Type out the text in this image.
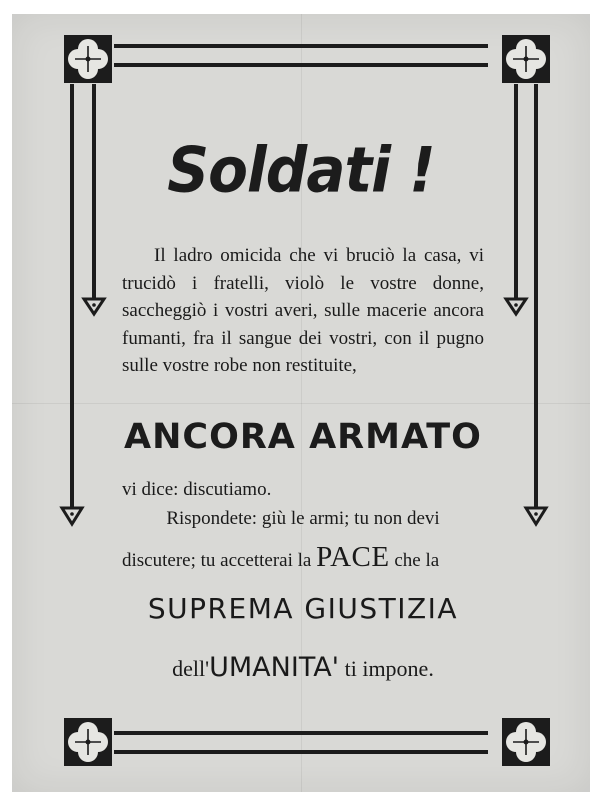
Soldati !
Il ladro omicida che vi bruciò la casa, vi trucidò i fratelli, violò le vostre donne, saccheggiò i vostri averi, sulle macerie ancora fumanti, fra il sangue dei vostri, con il pugno sulle vostre robe non restituite,
ANCORA ARMATO
vi dice: discutiamo.
Rispondete: giù le armi; tu non devi
discutere; tu accetterai la PACE che la
SUPREMA GIUSTIZIA
dell'UMANITA' ti impone.
